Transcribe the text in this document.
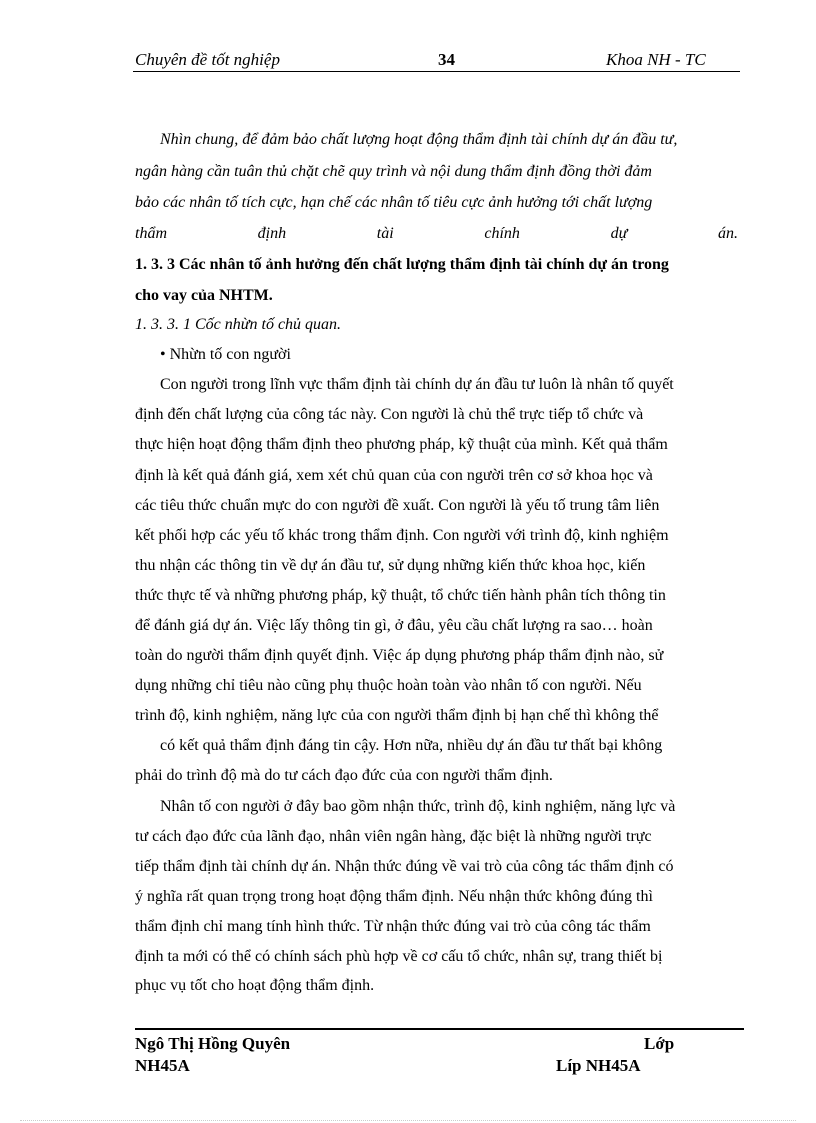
Chuyên đề tốt nghiệp	34	Khoa NH - TC
Nhìn chung, để đảm bảo chất lượng hoạt động thẩm định tài chính dự án đầu tư,
ngân hàng cần tuân thủ chặt chẽ quy trình và nội dung thẩm định đồng thời đảm
bảo các nhân tố tích cực, hạn chế các nhân tố tiêu cực ảnh hưởng tới chất lượng
thẩm định tài chính dự án.
1. 3. 3 Các nhân tố ảnh hưởng đến chất lượng thẩm định tài chính dự án trong
cho vay của NHTM.
1. 3. 3. 1 Cốc nhừn tố chủ quan.
• Nhừn tố con người
Con người trong lĩnh vực thẩm định tài chính dự án đầu tư luôn là nhân tố quyết
định đến chất lượng của công tác này. Con người là chủ thể trực tiếp tổ chức và
thực hiện hoạt động thẩm định theo phương pháp, kỹ thuật của mình. Kết quả thẩm
định là kết quả đánh giá, xem xét chủ quan của con người trên cơ sở khoa học và
các tiêu thức chuẩn mực do con người đề xuất. Con người là yếu tố trung tâm liên
kết phối hợp các yếu tố khác trong thẩm định. Con người với trình độ, kinh nghiệm
thu nhận các thông tin về dự án đầu tư, sử dụng những kiến thức khoa học, kiến
thức thực tế và những phương pháp, kỹ thuật, tổ chức tiến hành phân tích thông tin
để đánh giá dự án. Việc lấy thông tin gì, ở đâu, yêu cầu chất lượng ra sao… hoàn
toàn do người thẩm định quyết định. Việc áp dụng phương pháp thẩm định nào, sử
dụng những chỉ tiêu nào cũng phụ thuộc hoàn toàn vào nhân tố con người. Nếu
trình độ, kinh nghiệm, năng lực của con người thẩm định bị hạn chế thì không thể
có kết quả thẩm định đáng tin cậy. Hơn nữa, nhiều dự án đầu tư thất bại không
phải do trình độ mà do tư cách đạo đức của con người thẩm định.
Nhân tố con người ở đây bao gồm nhận thức, trình độ, kinh nghiệm, năng lực và
tư cách đạo đức của lãnh đạo, nhân viên ngân hàng, đặc biệt là những người trực
tiếp thẩm định tài chính dự án. Nhận thức đúng về vai trò của công tác thẩm định có
ý nghĩa rất quan trọng trong hoạt động thẩm định. Nếu nhận thức không đúng thì
thẩm định chỉ mang tính hình thức. Từ nhận thức đúng vai trò của công tác thẩm
định ta mới có thể có chính sách phù hợp về cơ cấu tổ chức, nhân sự, trang thiết bị
phục vụ tốt cho hoạt động thẩm định.
Ngô Thị Hồng Quyên	Lớp
NH45A	Líp NH45A
